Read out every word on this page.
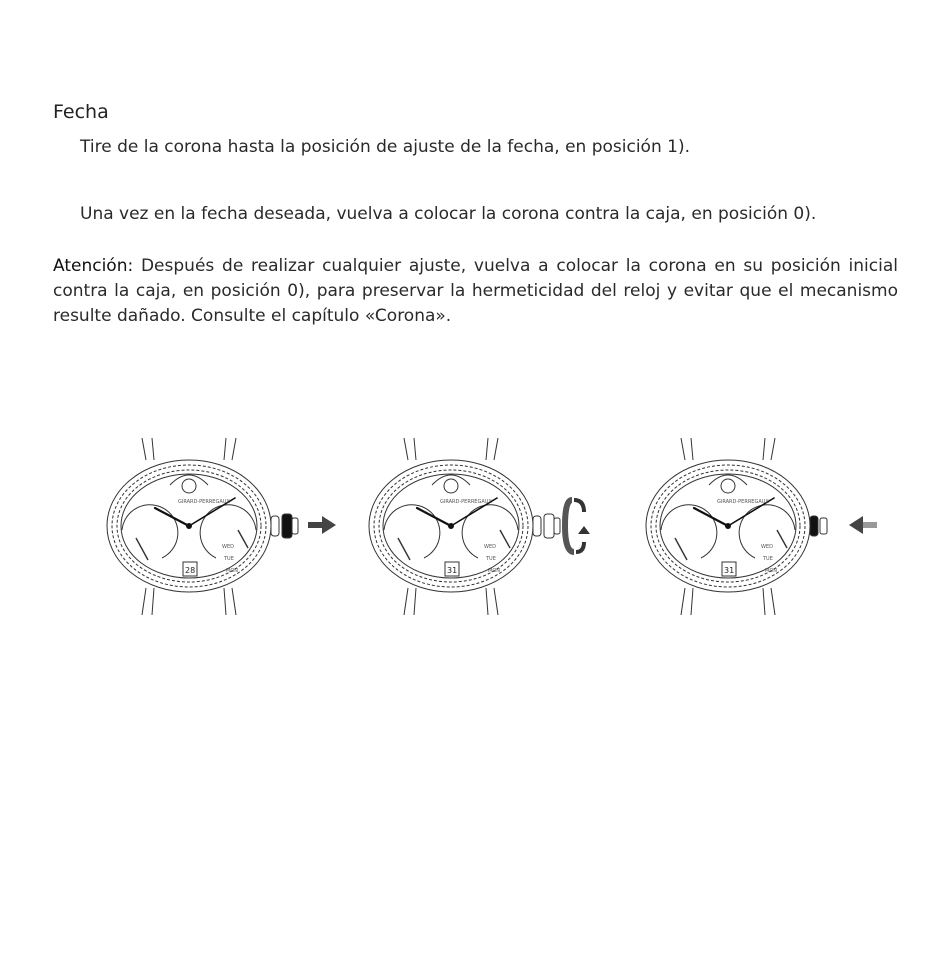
Fecha

Tire de la corona hasta la posición de ajuste de la fecha, en posición 1).

Una vez en la fecha deseada, vuelva a colocar la corona contra la caja, en posición 0).

Atención: Después de realizar cualquier ajuste, vuelva a colocar la corona en su posición inicial contra la caja, en posición 0), para preservar la hermeticidad del reloj y evitar que el mecanismo resulte dañado. Consulte el capítulo «Corona».

GIRARD-PERREGAUX
WED
TUE
MON
28
GIRARD-PERREGAUX
WED
TUE
MON
31
GIRARD-PERREGAUX
WED
TUE
MON
31
